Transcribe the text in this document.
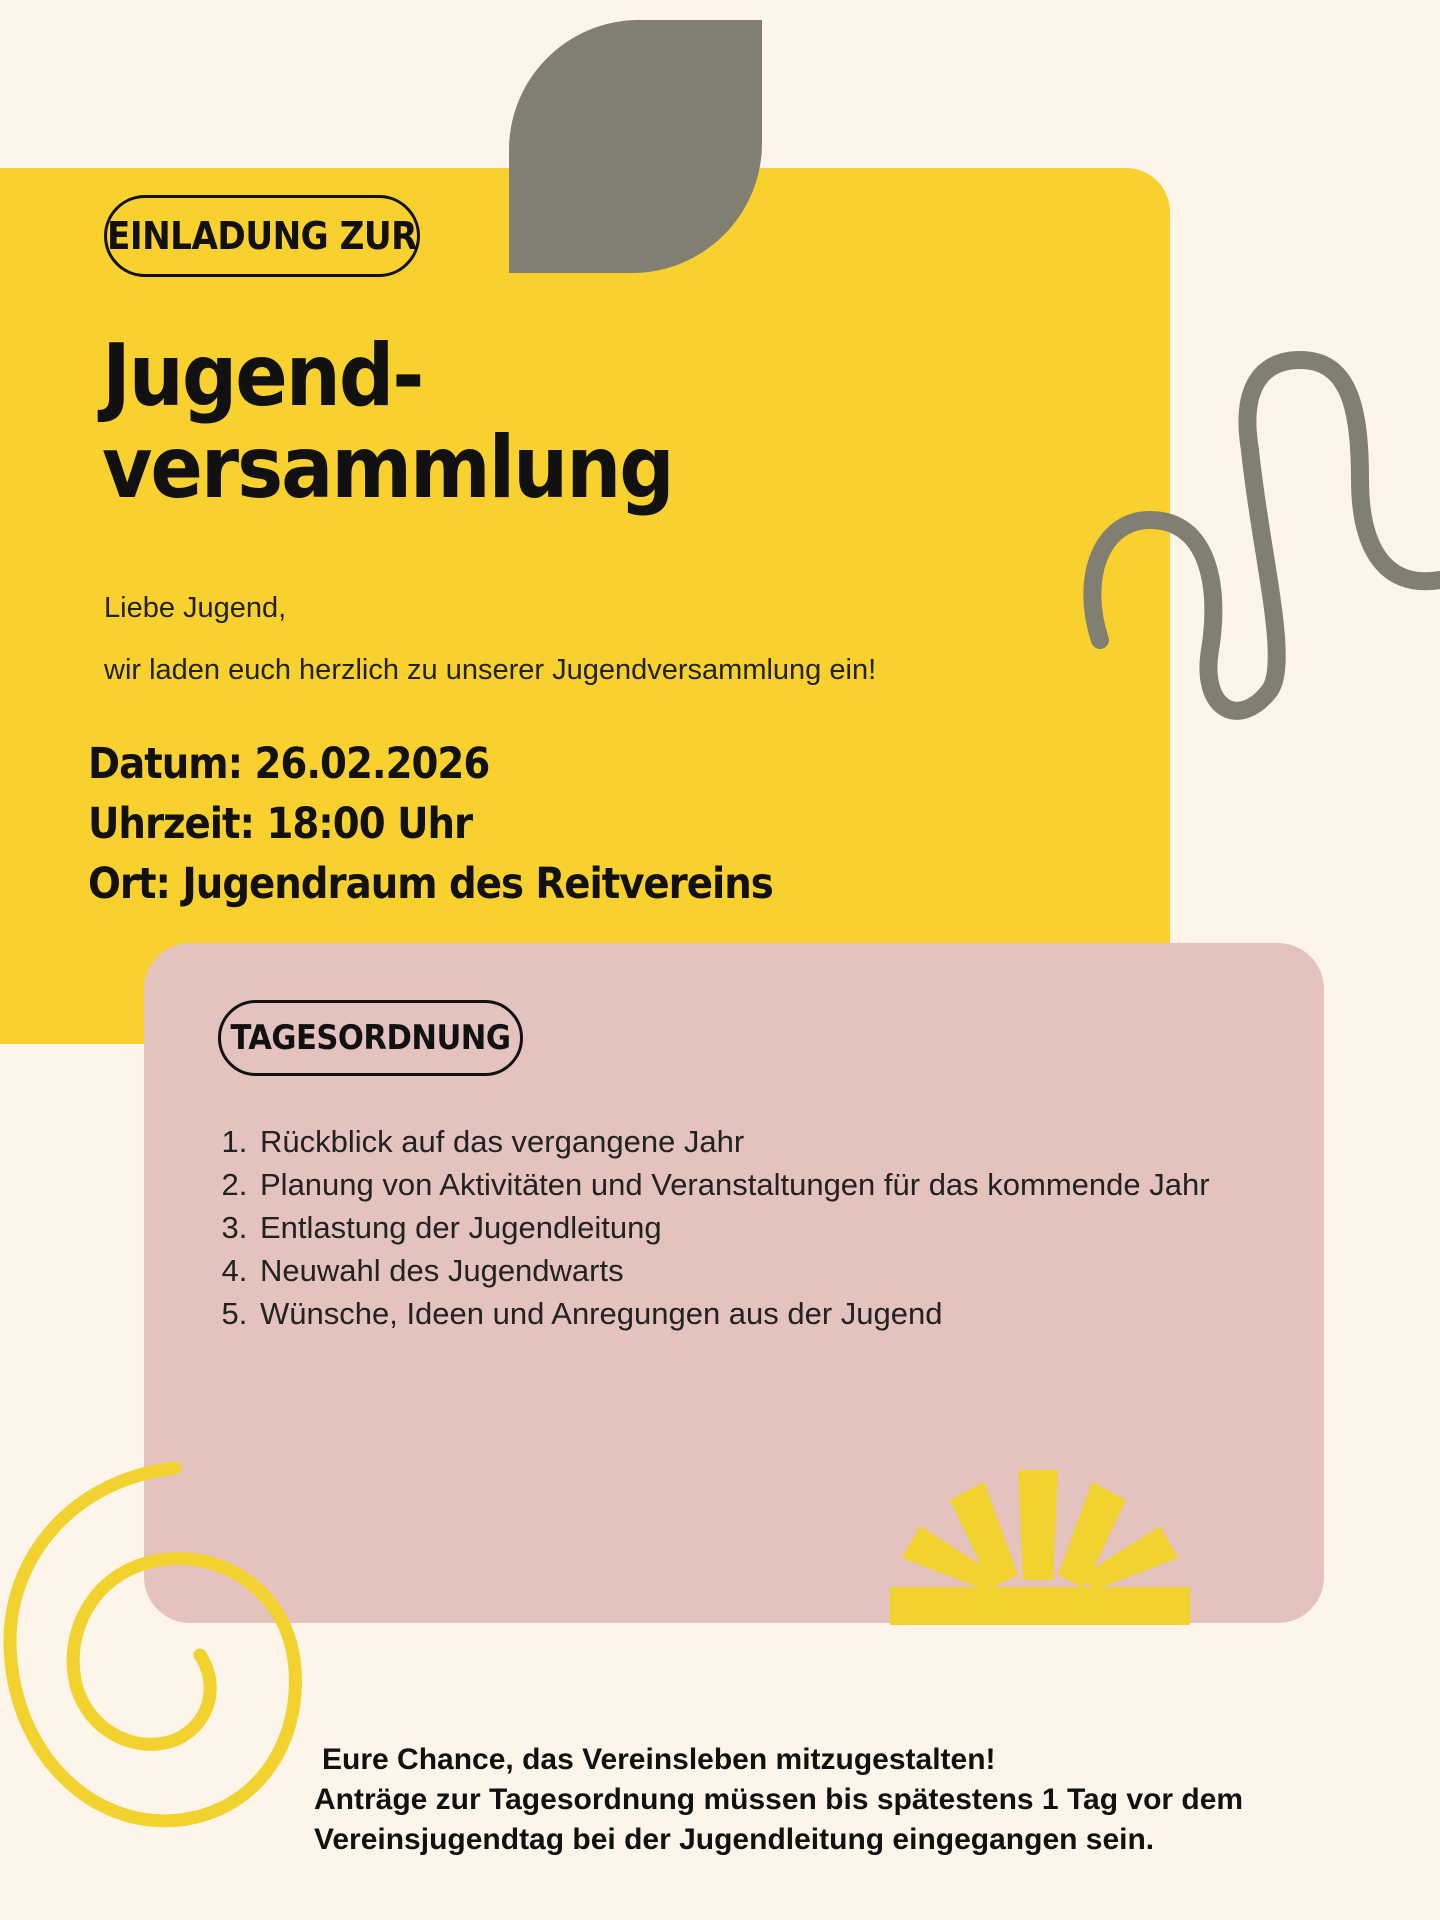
EINLADUNG ZUR
Jugend-
versammlung
Liebe Jugend,
wir laden euch herzlich zu unserer Jugendversammlung ein!
Datum: 26.02.2026
Uhrzeit: 18:00 Uhr
Ort: Jugendraum des Reitvereins
TAGESORDNUNG
1. Rückblick auf das vergangene Jahr
2. Planung von Aktivitäten und Veranstaltungen für das kommende Jahr
3. Entlastung der Jugendleitung
4. Neuwahl des Jugendwarts
5. Wünsche, Ideen und Anregungen aus der Jugend
Eure Chance, das Vereinsleben mitzugestalten!
Anträge zur Tagesordnung müssen bis spätestens 1 Tag vor dem Vereinsjugendtag bei der Jugendleitung eingegangen sein.
